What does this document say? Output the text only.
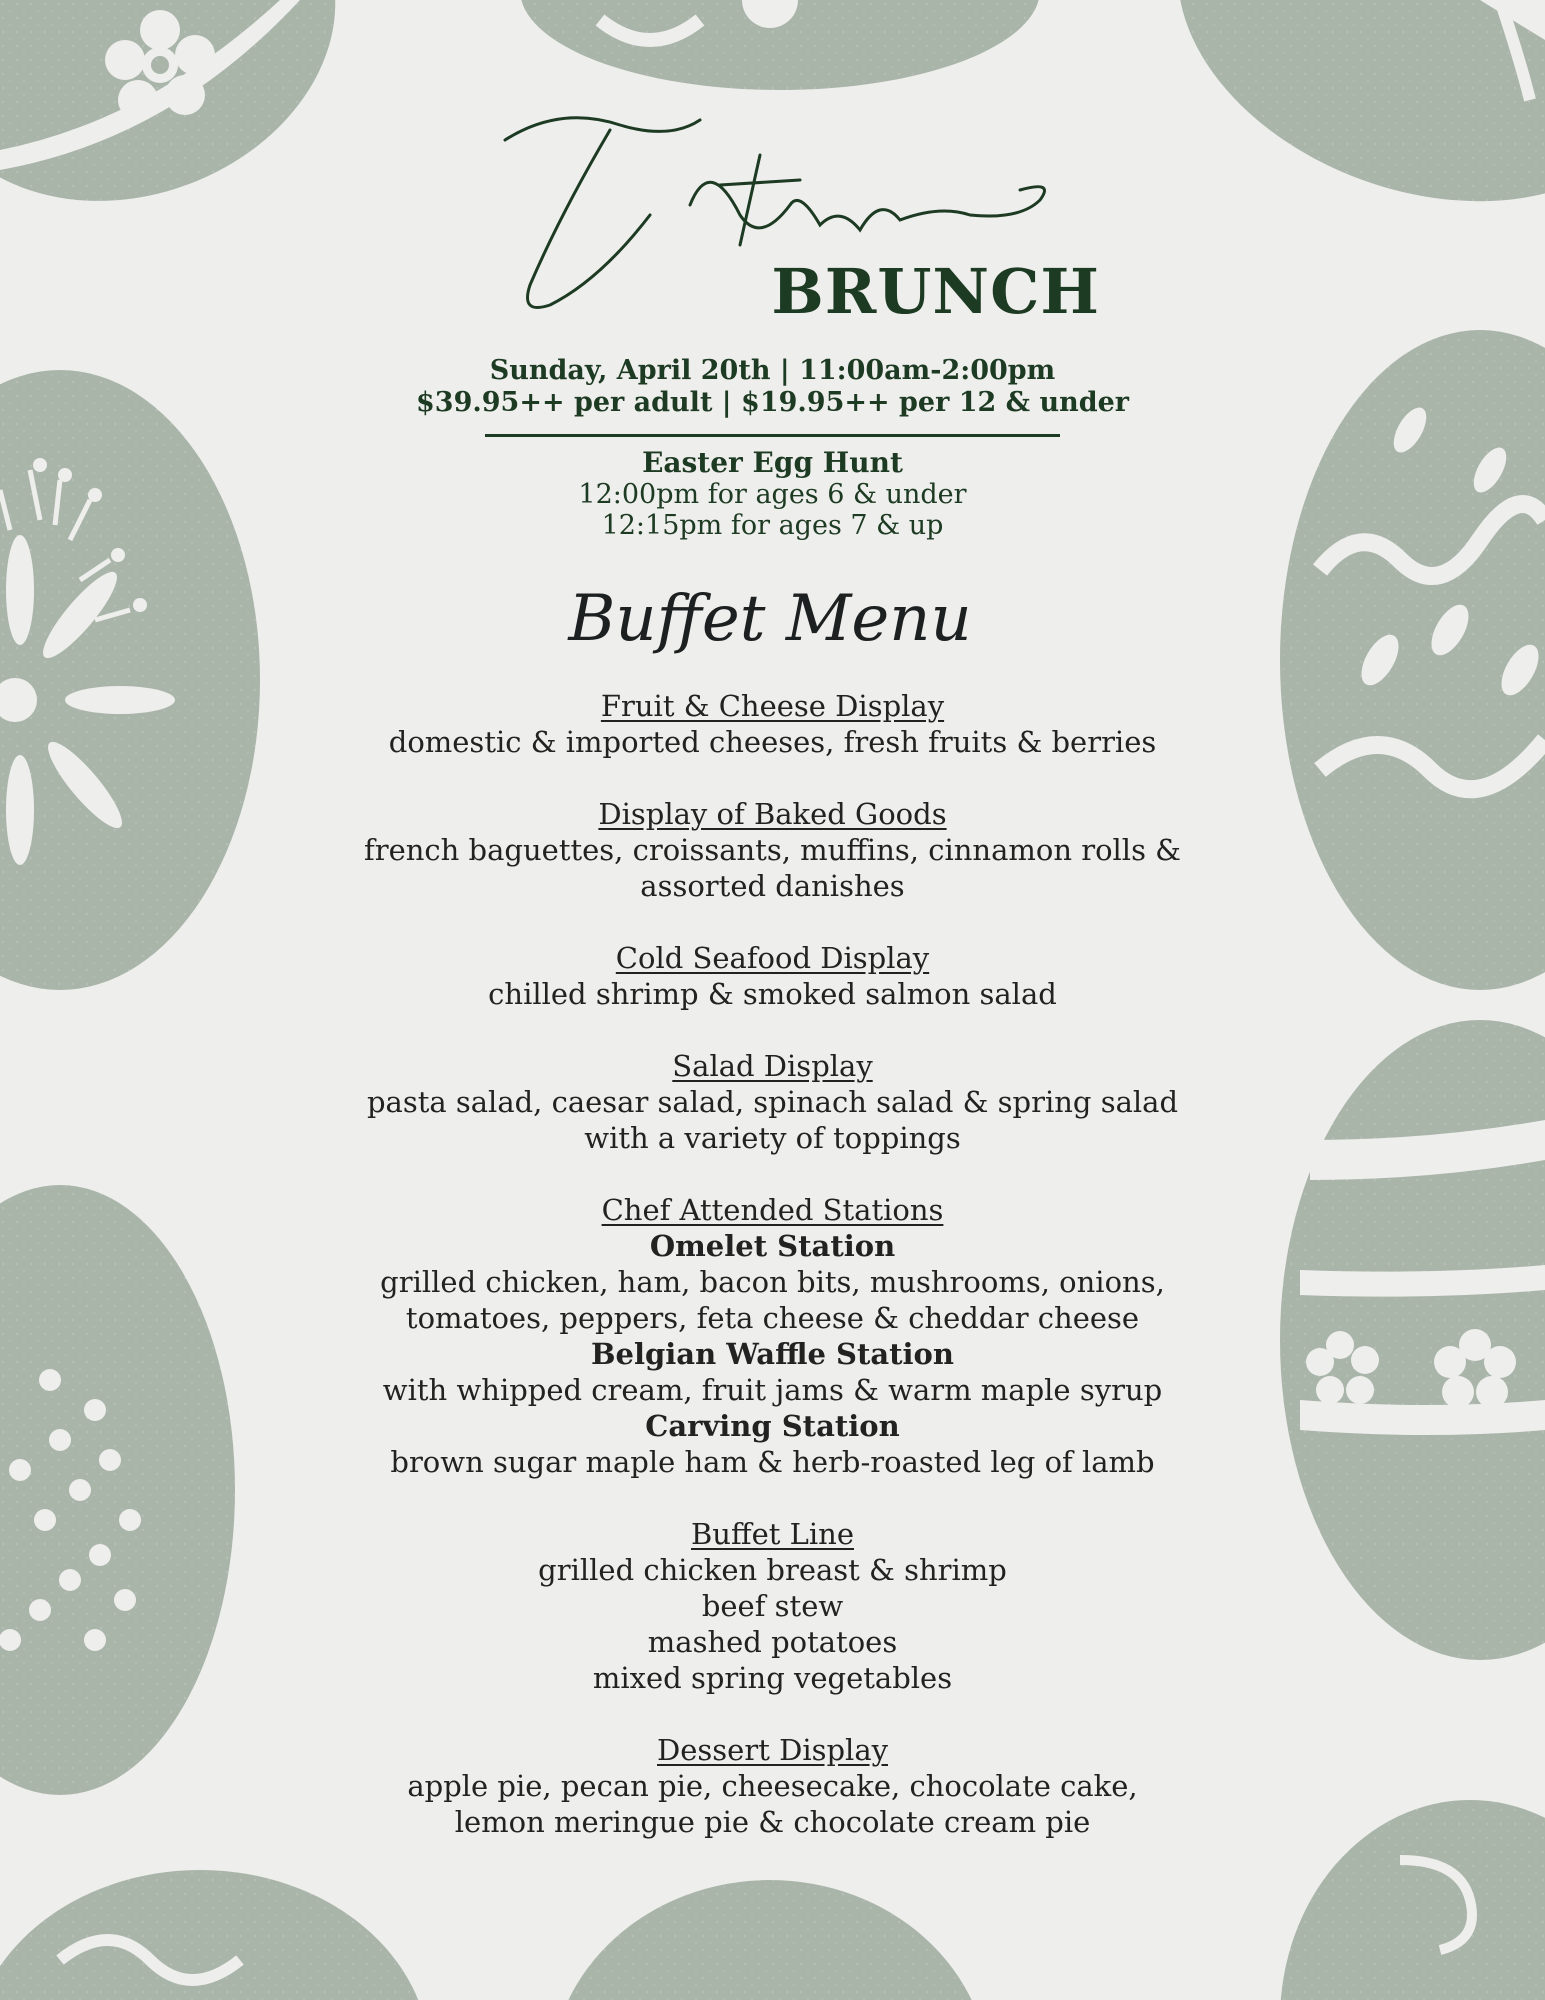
Easter	BRUNCH
Sunday, April 20th | 11:00am-2:00pm
$39.95++ per adult | $19.95++ per 12 & under
Easter Egg Hunt
12:00pm for ages 6 & under
12:15pm for ages 7 & up
Buffet Menu
Fruit & Cheese Display
domestic & imported cheeses, fresh fruits & berries
Display of Baked Goods
french baguettes, croissants, muffins, cinnamon rolls &
assorted danishes
Cold Seafood Display
chilled shrimp & smoked salmon salad
Salad Display
pasta salad, caesar salad, spinach salad & spring salad
with a variety of toppings
Chef Attended Stations
Omelet Station
grilled chicken, ham, bacon bits, mushrooms, onions,
tomatoes, peppers, feta cheese & cheddar cheese
Belgian Waffle Station
with whipped cream, fruit jams & warm maple syrup
Carving Station
brown sugar maple ham & herb-roasted leg of lamb
Buffet Line
grilled chicken breast & shrimp
beef stew
mashed potatoes
mixed spring vegetables
Dessert Display
apple pie, pecan pie, cheesecake, chocolate cake,
lemon meringue pie & chocolate cream pie
